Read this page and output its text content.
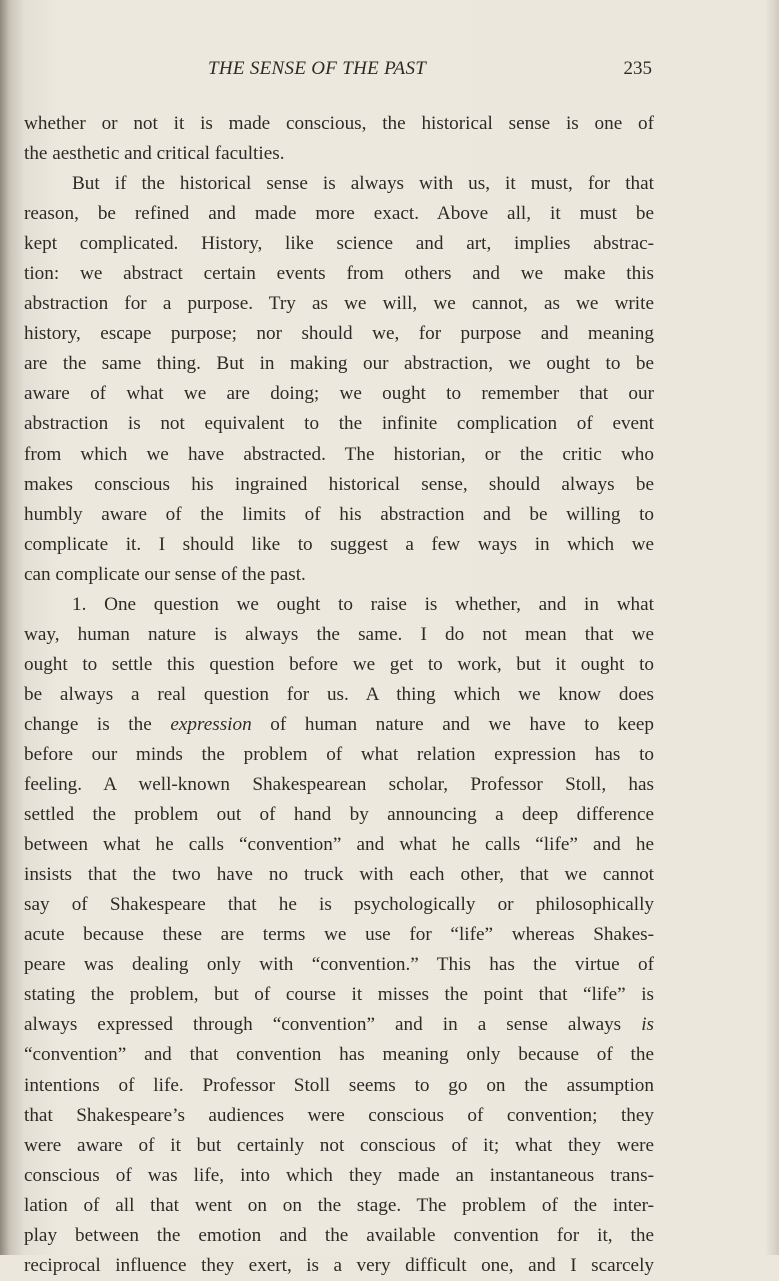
THE SENSE OF THE PAST	235
whether or not it is made conscious, the historical sense is one of
the aesthetic and critical faculties.
But if the historical sense is always with us, it must, for that
reason, be refined and made more exact. Above all, it must be
kept complicated. History, like science and art, implies abstrac-
tion: we abstract certain events from others and we make this
abstraction for a purpose. Try as we will, we cannot, as we write
history, escape purpose; nor should we, for purpose and meaning
are the same thing. But in making our abstraction, we ought to be
aware of what we are doing; we ought to remember that our
abstraction is not equivalent to the infinite complication of event
from which we have abstracted. The historian, or the critic who
makes conscious his ingrained historical sense, should always be
humbly aware of the limits of his abstraction and be willing to
complicate it. I should like to suggest a few ways in which we
can complicate our sense of the past.
1. One question we ought to raise is whether, and in what
way, human nature is always the same. I do not mean that we
ought to settle this question before we get to work, but it ought to
be always a real question for us. A thing which we know does
change is the expression of human nature and we have to keep
before our minds the problem of what relation expression has to
feeling. A well-known Shakespearean scholar, Professor Stoll, has
settled the problem out of hand by announcing a deep difference
between what he calls “convention” and what he calls “life” and he
insists that the two have no truck with each other, that we cannot
say of Shakespeare that he is psychologically or philosophically
acute because these are terms we use for “life” whereas Shakes-
peare was dealing only with “convention.” This has the virtue of
stating the problem, but of course it misses the point that “life” is
always expressed through “convention” and in a sense always is
“convention” and that convention has meaning only because of the
intentions of life. Professor Stoll seems to go on the assumption
that Shakespeare’s audiences were conscious of convention; they
were aware of it but certainly not conscious of it; what they were
conscious of was life, into which they made an instantaneous trans-
lation of all that went on on the stage. The problem of the inter-
play between the emotion and the available convention for it, the
reciprocal influence they exert, is a very difficult one, and I scarcely
